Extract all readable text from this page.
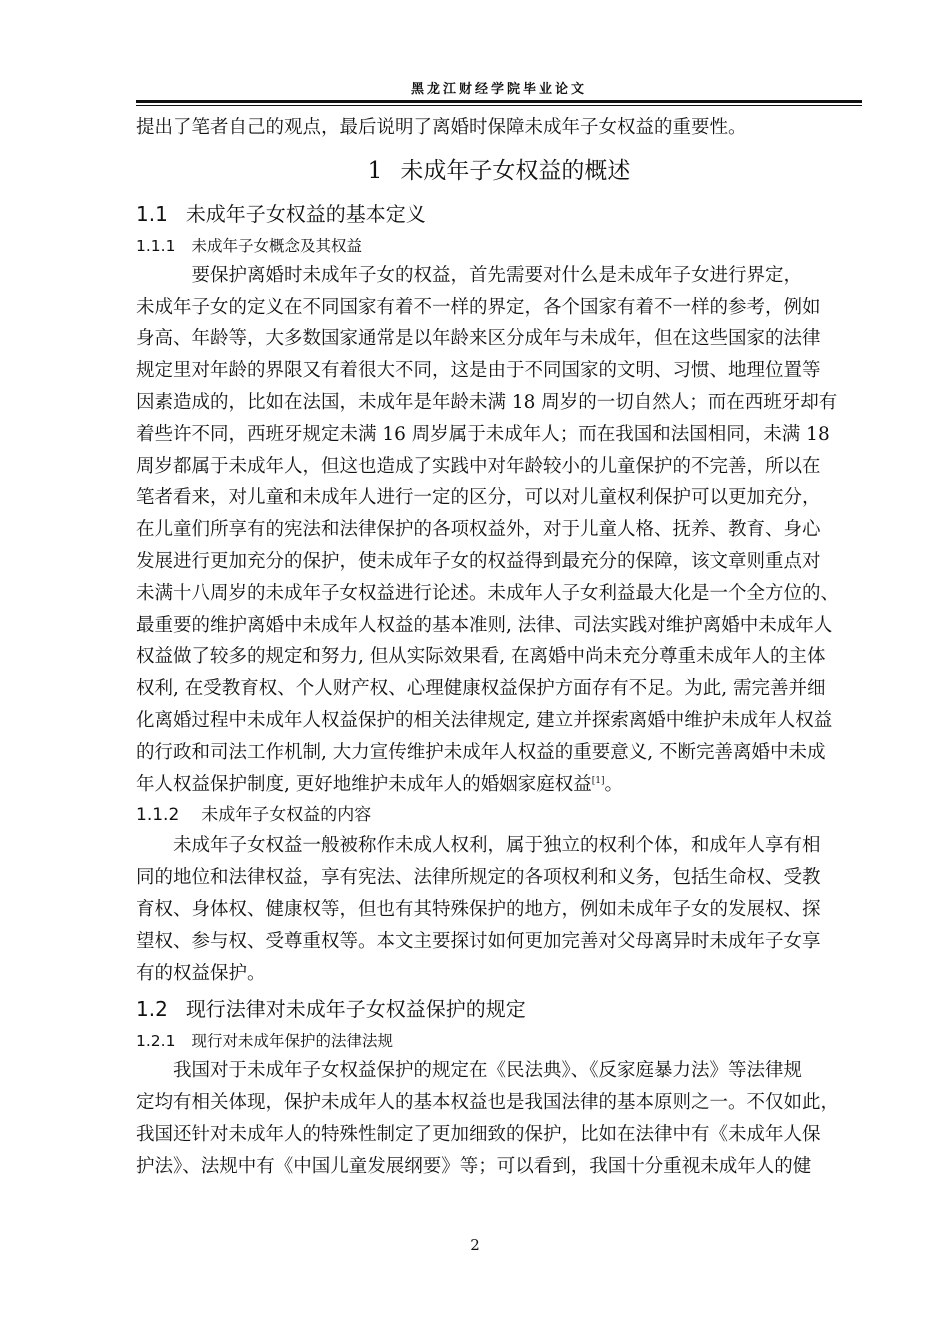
黑龙江财经学院毕业论文

提出了笔者自己的观点，最后说明了离婚时保障未成年子女权益的重要性。

1 未成年子女权益的概述
1.1 未成年子女权益的基本定义
1.1.1 未成年子女概念及其权益

　　　要保护离婚时未成年子女的权益，首先需要对什么是未成年子女进行界定，
未成年子女的定义在不同国家有着不一样的界定，各个国家有着不一样的参考，例如
身高、年龄等，大多数国家通常是以年龄来区分成年与未成年，但在这些国家的法律
规定里对年龄的界限又有着很大不同，这是由于不同国家的文明、习惯、地理位置等
因素造成的，比如在法国，未成年是年龄未满 18 周岁的一切自然人；而在西班牙却有
着些许不同，西班牙规定未满 16 周岁属于未成年人；而在我国和法国相同，未满 18
周岁都属于未成年人，但这也造成了实践中对年龄较小的儿童保护的不完善，所以在
笔者看来，对儿童和未成年人进行一定的区分，可以对儿童权利保护可以更加充分，
在儿童们所享有的宪法和法律保护的各项权益外，对于儿童人格、抚养、教育、身心
发展进行更加充分的保护，使未成年子女的权益得到最充分的保障，该文章则重点对
未满十八周岁的未成年子女权益进行论述。未成年人子女利益最大化是一个全方位的、
最重要的维护离婚中未成年人权益的基本准则, 法律、司法实践对维护离婚中未成年人
权益做了较多的规定和努力, 但从实际效果看, 在离婚中尚未充分尊重未成年人的主体
权利, 在受教育权、个人财产权、心理健康权益保护方面存有不足。为此, 需完善并细
化离婚过程中未成年人权益保护的相关法律规定, 建立并探索离婚中维护未成年人权益
的行政和司法工作机制, 大力宣传维护未成年人权益的重要意义, 不断完善离婚中未成
年人权益保护制度, 更好地维护未成年人的婚姻家庭权益[1]。

1.1.2 未成年子女权益的内容

　　未成年子女权益一般被称作未成人权利，属于独立的权利个体，和成年人享有相
同的地位和法律权益，享有宪法、法律所规定的各项权利和义务，包括生命权、受教
育权、身体权、健康权等，但也有其特殊保护的地方，例如未成年子女的发展权、探
望权、参与权、受尊重权等。本文主要探讨如何更加完善对父母离异时未成年子女享
有的权益保护。

1.2 现行法律对未成年子女权益保护的规定
1.2.1 现行对未成年保护的法律法规

　　我国对于未成年子女权益保护的规定在《民法典》、《反家庭暴力法》等法律规
定均有相关体现，保护未成年人的基本权益也是我国法律的基本原则之一。不仅如此，
我国还针对未成年人的特殊性制定了更加细致的保护，比如在法律中有《未成年人保
护法》、法规中有《中国儿童发展纲要》等；可以看到，我国十分重视未成年人的健

2
